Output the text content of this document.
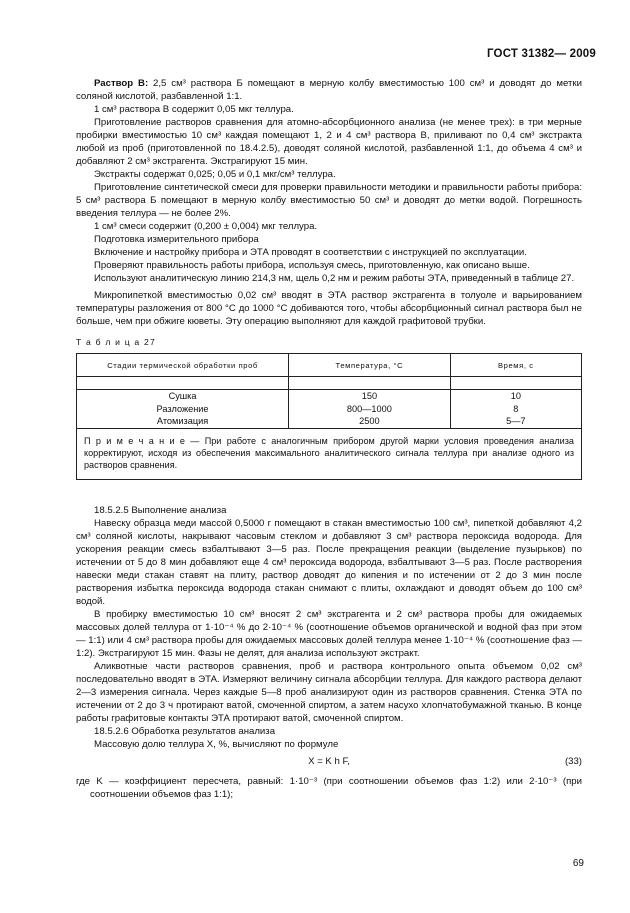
ГОСТ 31382— 2009

Раствор В: 2,5 см³ раствора Б помещают в мерную колбу вместимостью 100 см³ и доводят до метки соляной кислотой, разбавленной 1:1.

1 см³ раствора В содержит 0,05 мкг теллура.

Приготовление растворов сравнения для атомно-абсорбционного анализа (не менее трех): в три мерные пробирки вместимостью 10 см³ каждая помещают 1, 2 и 4 см³ раствора В, приливают по 0,4 см³ экстракта любой из проб (приготовленной по 18.4.2.5), доводят соляной кислотой, разбавленной 1:1, до объема 4 см³ и добавляют 2 см³ экстрагента. Экстрагируют 15 мин.

Экстракты содержат 0,025; 0,05 и 0,1 мкг/см³ теллура.

Приготовление синтетической смеси для проверки правильности методики и правильности работы прибора: 5 см³ раствора Б помещают в мерную колбу вместимостью 50 см³ и доводят до метки водой. Погрешность введения теллура — не более 2%.

1 см³ смеси содержит (0,200 ± 0,004) мкг теллура.

Подготовка измерительного прибора

Включение и настройку прибора и ЭТА проводят в соответствии с инструкцией по эксплуатации.

Проверяют правильность работы прибора, используя смесь, приготовленную, как описано выше.

Используют аналитическую линию 214,3 нм, щель 0,2 нм и режим работы ЭТА, приведенный в таблице 27.

Микропипеткой вместимостью 0,02 см³ вводят в ЭТА раствор экстрагента в толуоле и варьированием температуры разложения от 800 °С до 1000 °С добиваются того, чтобы абсорбционный сигнал раствора был не больше, чем при обжиге кюветы. Эту операцию выполняют для каждой графитовой трубки.

Т а б л и ц а 27
Стадии термической обработки проб	Температура, °С	Время, с

Сушка	150	10
Разложение	800—1000	8
Атомизация	2500	5—7
П р и м е ч а н и е — При работе с аналогичным прибором другой марки условия проведения анализа корректируют, исходя из обеспечения максимального аналитического сигнала теллура при анализе одного из растворов сравнения.		

18.5.2.5 Выполнение анализа

Навеску образца меди массой 0,5000 г помещают в стакан вместимостью 100 см³, пипеткой добавляют 4,2 см³ соляной кислоты, накрывают часовым стеклом и добавляют 3 см³ раствора пероксида водорода. Для ускорения реакции смесь взбалтывают 3—5 раз. После прекращения реакции (выделение пузырьков) по истечении от 5 до 8 мин добавляют еще 4 см³ пероксида водорода, взбалтывают 3—5 раз. После растворения навески меди стакан ставят на плиту, раствор доводят до кипения и по истечении от 2 до 3 мин после растворения избытка пероксида водорода стакан снимают с плиты, охлаждают и доводят объем до 100 см³ водой.

В пробирку вместимостью 10 см³ вносят 2 см³ экстрагента и 2 см³ раствора пробы для ожидаемых массовых долей теллура от 1·10⁻⁴ % до 2·10⁻⁴ % (соотношение объемов органической и водной фаз при этом — 1:1) или 4 см³ раствора пробы для ожидаемых массовых долей теллура менее 1·10⁻⁴ % (соотношение фаз — 1:2). Экстрагируют 15 мин. Фазы не делят, для анализа используют экстракт.

Аликвотные части растворов сравнения, проб и раствора контрольного опыта объемом 0,02 см³ последовательно вводят в ЭТА. Измеряют величину сигнала абсорбции теллура. Для каждого раствора делают 2—3 измерения сигнала. Через каждые 5—8 проб анализируют один из растворов сравнения. Стенка ЭТА по истечении от 2 до 3 ч протирают ватой, смоченной спиртом, а затем насухо хлопчатобумажной тканью. В конце работы графитовые контакты ЭТА протирают ватой, смоченной спиртом.

18.5.2.6 Обработка результатов анализа

Массовую долю теллура X, %, вычисляют по формуле

X = K h F,	(33)

где K — коэффициент пересчета, равный: 1·10⁻³ (при соотношении объемов фаз 1:2) или 2·10⁻³ (при соотношении объемов фаз 1:1);

69
